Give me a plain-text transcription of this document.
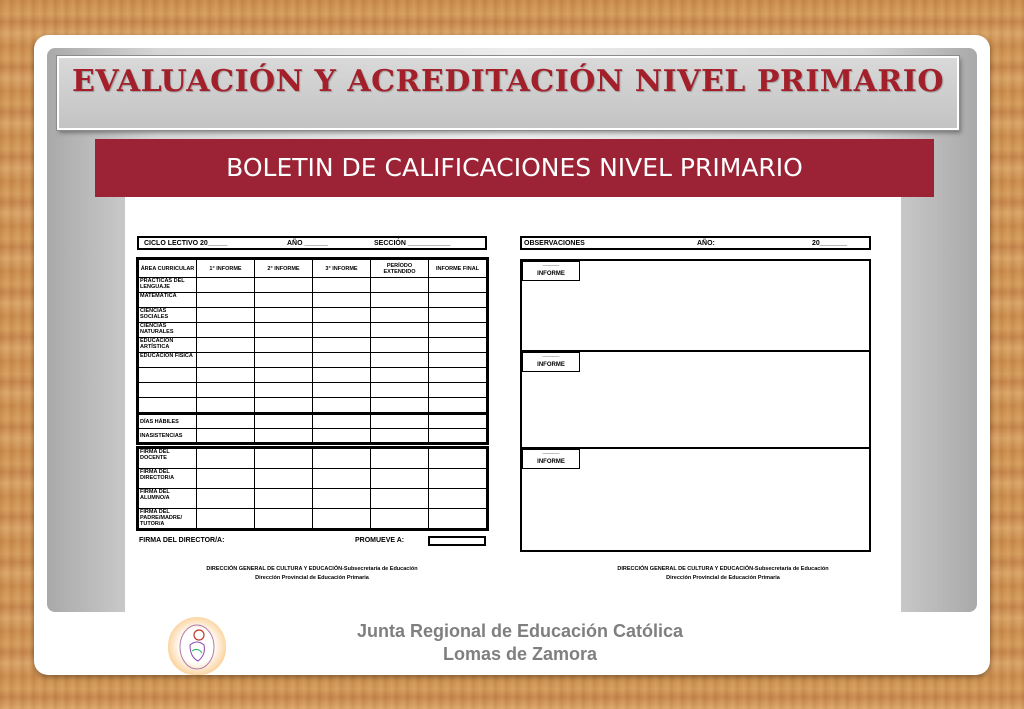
EVALUACIÓN Y ACREDITACIÓN NIVEL PRIMARIO
BOLETIN DE CALIFICACIONES NIVEL PRIMARIO
CICLO LECTIVO 20_____	AÑO ______	SECCIÓN ___________
ÁREA CURRICULAR	1° INFORME	2° INFORME	3° INFORME	PERÍODO EXTENDIDO	INFORME FINAL
PRÁCTICAS DEL LENGUAJE					
MATEMÁTICA					
CIENCIAS SOCIALES					
CIENCIAS NATURALES					
EDUCACIÓN ARTÍSTICA					
EDUCACIÓN FÍSICA					

DÍAS HÁBILES					
INASISTENCIAS					
FIRMA DEL DOCENTE					
FIRMA DEL DIRECTOR/A					
FIRMA DEL ALUMNO/A					
FIRMA DEL PADRE/MADRE/ TUTOR/A					
FIRMA DEL DIRECTOR/A:	PROMUEVE A:
DIRECCIÓN GENERAL DE CULTURA Y EDUCACIÓN-Subsecretaría de Educación
Dirección Provincial de Educación Primaria
OBSERVACIONES	AÑO:	20_______
_____ INFORME
_____ INFORME
_____ INFORME
DIRECCIÓN GENERAL DE CULTURA Y EDUCACIÓN-Subsecretaría de Educación
Dirección Provincial de Educación Primaria
Junta Regional de Educación Católica
Lomas de Zamora
